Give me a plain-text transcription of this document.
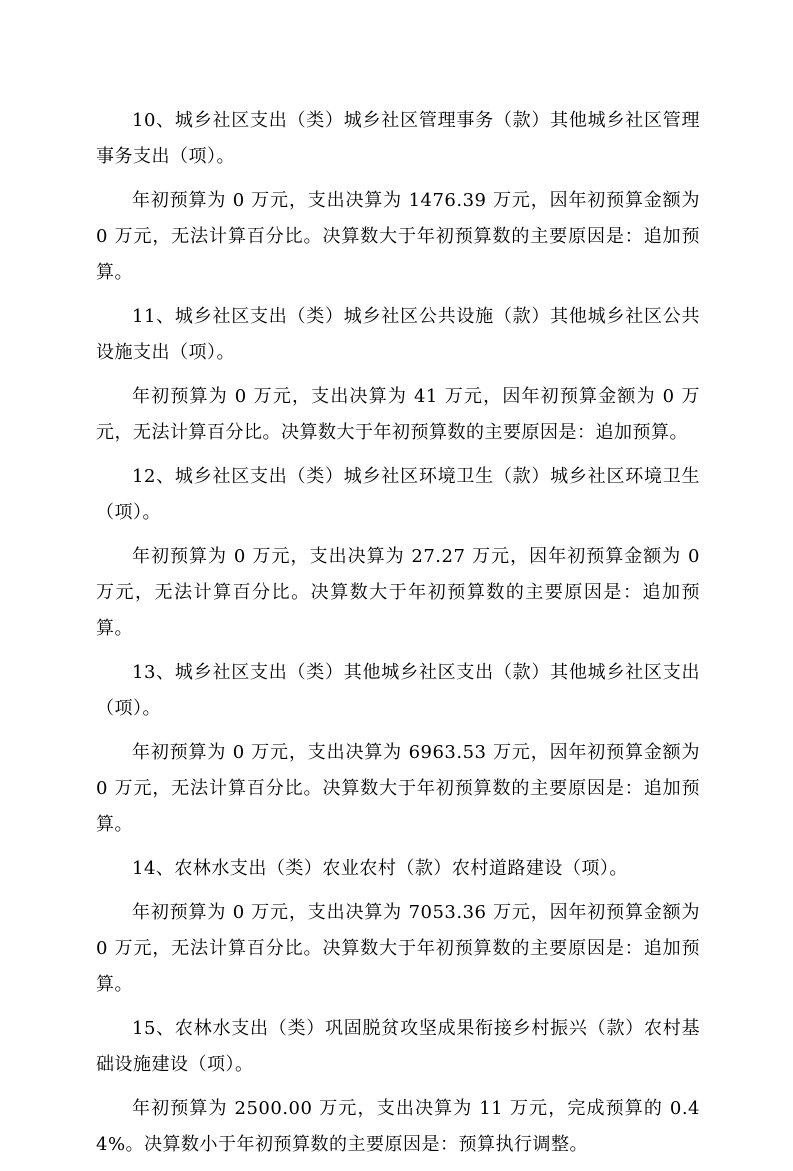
10、城乡社区支出（类）城乡社区管理事务（款）其他城乡社区管理事务支出（项）。

年初预算为 0 万元，支出决算为 1476.39 万元，因年初预算金额为 0 万元，无法计算百分比。决算数大于年初预算数的主要原因是：追加预算。

11、城乡社区支出（类）城乡社区公共设施（款）其他城乡社区公共设施支出（项）。

年初预算为 0 万元，支出决算为 41 万元，因年初预算金额为 0 万元，无法计算百分比。决算数大于年初预算数的主要原因是：追加预算。

12、城乡社区支出（类）城乡社区环境卫生（款）城乡社区环境卫生（项）。

年初预算为 0 万元，支出决算为 27.27 万元，因年初预算金额为 0 万元，无法计算百分比。决算数大于年初预算数的主要原因是：追加预算。

13、城乡社区支出（类）其他城乡社区支出（款）其他城乡社区支出（项）。

年初预算为 0 万元，支出决算为 6963.53 万元，因年初预算金额为 0 万元，无法计算百分比。决算数大于年初预算数的主要原因是：追加预算。

14、农林水支出（类）农业农村（款）农村道路建设（项）。

年初预算为 0 万元，支出决算为 7053.36 万元，因年初预算金额为 0 万元，无法计算百分比。决算数大于年初预算数的主要原因是：追加预算。

15、农林水支出（类）巩固脱贫攻坚成果衔接乡村振兴（款）农村基础设施建设（项）。

年初预算为 2500.00 万元，支出决算为 11 万元，完成预算的 0.44%。决算数小于年初预算数的主要原因是：预算执行调整。
